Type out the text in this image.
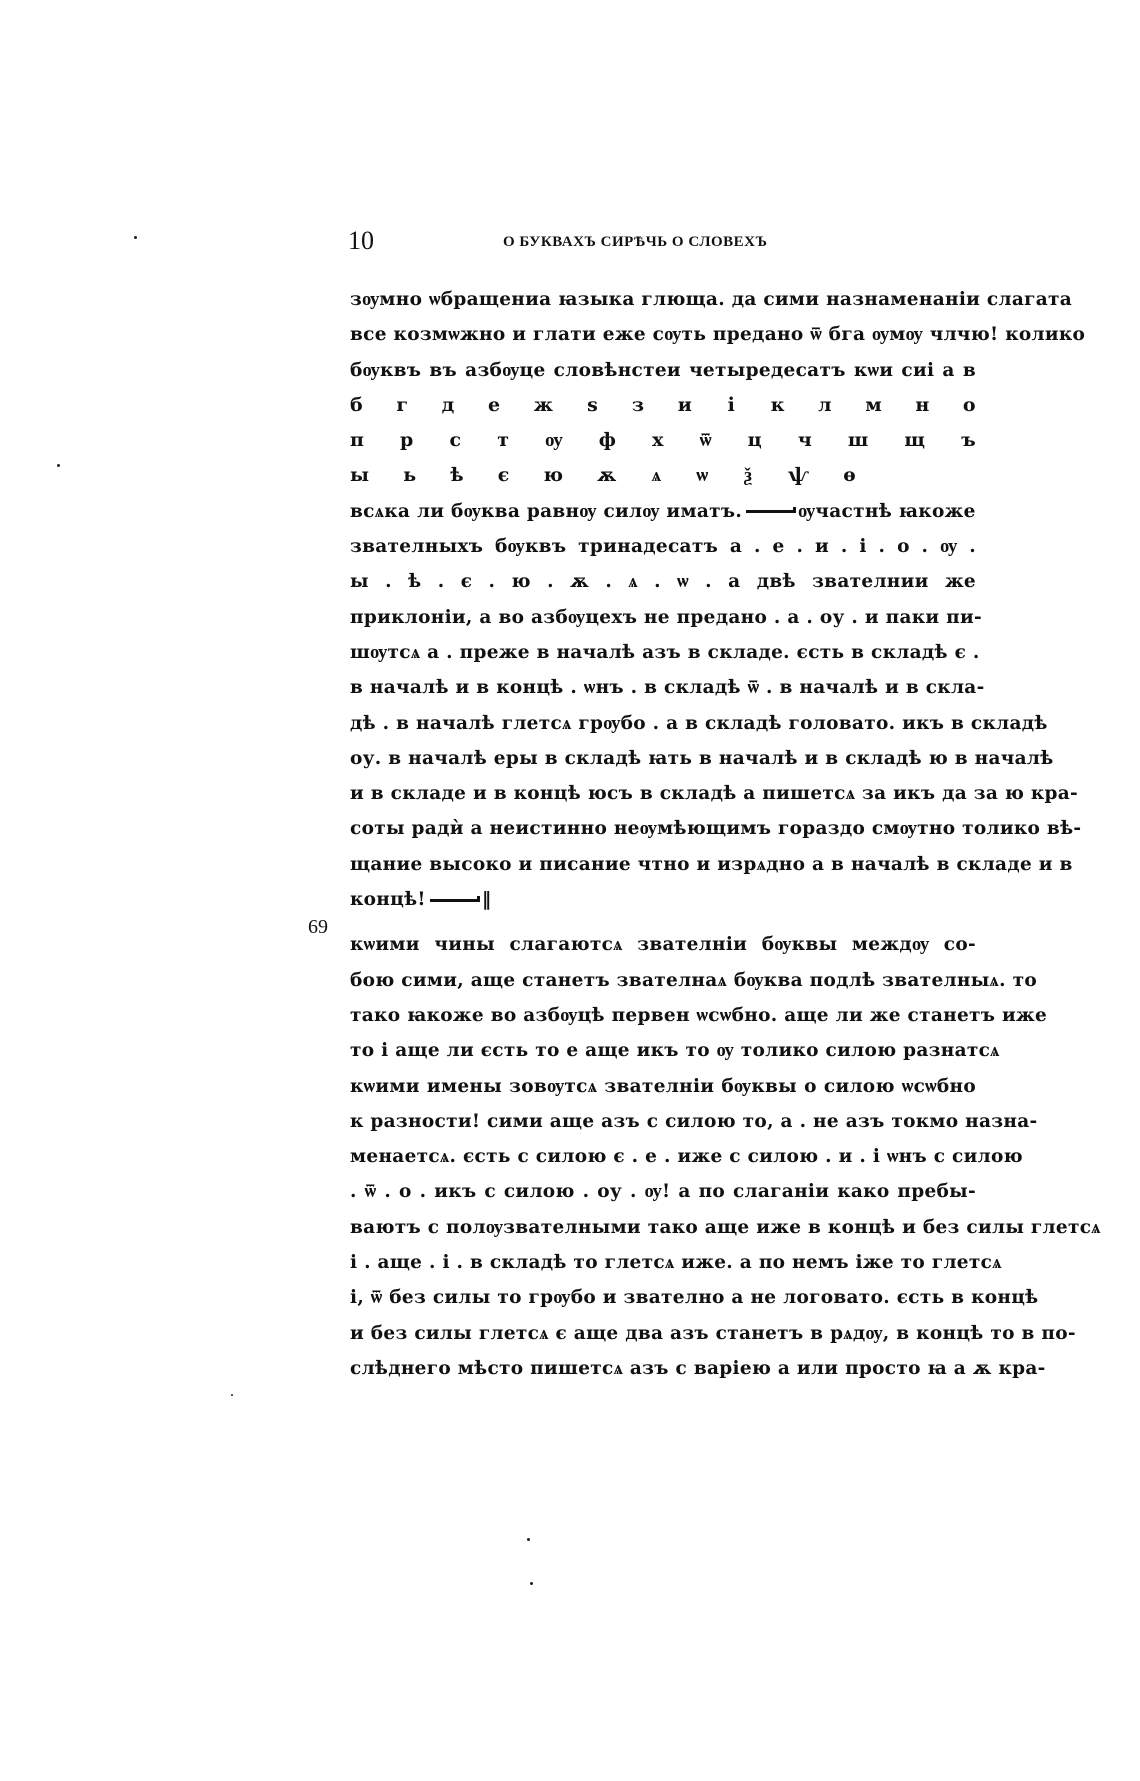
10	О БУКВАХЪ СИРѢЧЬ О СЛОВЕХЪ
зѹмно ѡбращениа ꙗзыка глюща. да сими назнаменанiи слагата
все козмѡжно и глати еже сѹть предано ѿ бга ѹмѹ члчю! колико
бѹквъ въ азбѹце словѣнстеи четыредесатъ кѡи сиi а в
б г д е ж ѕ з и і к л м н о
п р с т ѹ ф х ѿ ц ч ш щ ъ
ы ь ѣ є ю ѫ ѧ ѡ ѯ ѱ ѳ
всѧка ли бѹква равнѹ силѹ иматъ.	ѹчастнѣ ꙗкоже
звателныхъ бѹквъ тринадесатъ а . е . и . і . о . ѹ .
ы . ѣ . є . ю . ѫ . ѧ . ѡ . а двѣ звателнии же
приклонiи, а во азбѹцехъ не предано . а . оу . и паки пи-
шѹтсѧ а . преже в началѣ азъ в складе. єсть в складѣ є .
в началѣ и в концѣ . ѡнъ . в складѣ ѿ . в началѣ и в скла-
дѣ . в началѣ глетсѧ грѹбо . а в складѣ головато. икъ в складѣ
оу. в началѣ еры в складѣ ꙗть в началѣ и в складѣ ю в началѣ
и в складе и в концѣ юсъ в складѣ а пишетсѧ за икъ да за ю кра-
соты радѝ а неистинно неѹмѣющимъ гораздо смѹтно толико вѣ-
щание высоко и писание чтно и изрѧдно а в началѣ в складе и в
концѣ!	‖
кѡими чины слагаютсѧ звателнiи бѹквы междѹ со-
бою сими, аще станетъ звателнаѧ бѹква подлѣ звателныѧ. то
тако ꙗкоже во азбѹцѣ первен ѡсѡбно. аще ли же станетъ иже
то і аще ли єсть то е аще икъ то ѹ толико силою разнатсѧ
кѡими имены зовѹтсѧ звателнiи бѹквы о силою ѡсѡбно
к разности! сими аще азъ с силою то, а . не азъ токмо назна-
менаетсѧ. єсть с силою є . е . иже с силою . и . і ѡнъ с силою
. ѿ . о . икъ с силою . оу . ѹ! а по слаганiи како пребы-
ваютъ с полѹзвателными тако аще иже в концѣ и без силы глетсѧ
і . аще . і . в складѣ то глетсѧ иже. а по немъ іже то глетсѧ
і, ѿ без силы то грѹбо и звателно а не логовато. єсть в концѣ
и без силы глетсѧ є аще два азъ станетъ в рѧдѹ, в концѣ то в по-
слѣднего мѣсто пишетсѧ азъ с варiею а или просто ꙗ а ѫ кра-
69
